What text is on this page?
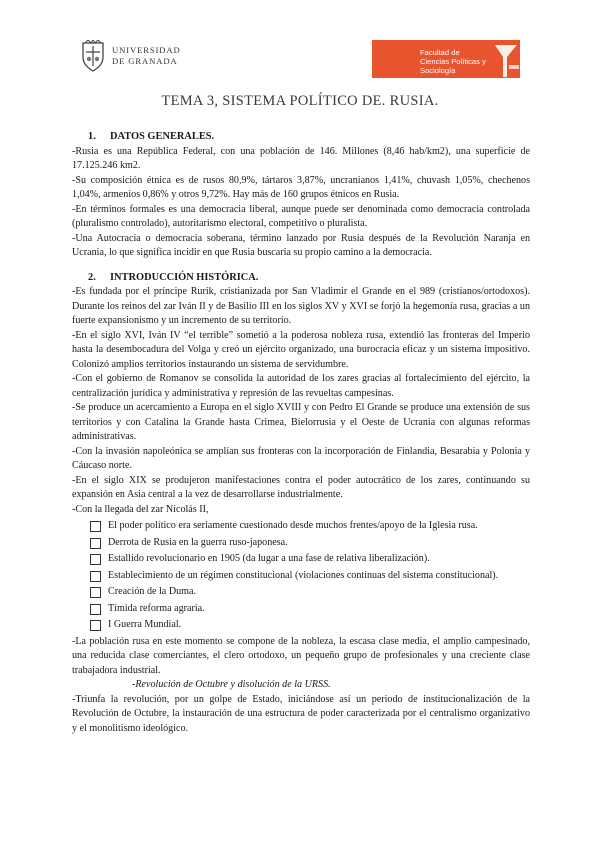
UNIVERSIDAD
DE GRANADA
Facultad de
Ciencias Políticas y Sociología
TEMA 3, SISTEMA POLÍTICO DE. RUSIA.
1. DATOS GENERALES.

-Rusia es una República Federal, con una población de 146. Millones (8,46 hab/km2), una superficie de 17.125.246 km2.

-Su composición étnica es de rusos 80,9%, tártaros 3,87%, uncranianos 1,41%, chuvash 1,05%, chechenos 1,04%, armenios 0,86% y otros 9,72%. Hay más de 160 grupos étnicos en Rusia.

-En términos formales es una democracia liberal, aunque puede ser denominada como democracia controlada (pluralismo controlado), autoritarismo electoral, competitivo o pluralista.

-Una Autocracia o democracia soberana, término lanzado por Rusia después de la Revolución Naranja en Ucrania, lo que significa incidir en que Rusia buscaría su propio camino a la democracia.

2. INTRODUCCIÓN HISTÓRICA.

-Es fundada por el príncipe Rurik, cristianizada por San Vladimir el Grande en el 989 (cristianos/ortodoxos). Durante los reinos del zar Iván II y de Basilio III en los siglos XV y XVI se forjó la hegemonía rusa, gracias a un fuerte expansionismo y un incremento de su territorio.

-En el siglo XVI, Iván IV “el terrible” sometió a la poderosa nobleza rusa, extendió las fronteras del Imperio hasta la desembocadura del Volga y creó un ejército organizado, una burocracia eficaz y un sistema impositivo. Colonizó amplios territorios instaurando un sistema de servidumbre.

-Con el gobierno de Romanov se consolida la autoridad de los zares gracias al fortalecimiento del ejército, la centralización jurídica y administrativa y represión de las revueltas campesinas.

-Se produce un acercamiento a Europa en el siglo XVIII y con Pedro El Grande se produce una extensión de sus territorios y con Catalina la Grande hasta Crimea, Bielorrusia y el Oeste de Ucrania con algunas reformas administrativas.

-Con la invasión napoleónica se amplían sus fronteras con la incorporación de Finlandia, Besarabia y Polonia y Cáucaso norte.

-En el siglo XIX se produjeron manifestaciones contra el poder autocrático de los zares, continuando su expansión en Asia central a la vez de desarrollarse industrialmente.

-Con la llegada del zar Nicolás II,

El poder político era seriamente cuestionado desde muchos frentes/apoyo de la Iglesia rusa.
Derrota de Rusia en la guerra ruso-japonesa.
Estallido revolucionario en 1905 (da lugar a una fase de relativa liberalización).
Establecimiento de un régimen constitucional (violaciones continuas del sistema constitucional).
Creación de la Duma.
Tímida reforma agraria.
I Guerra Mundial.

-La población rusa en este momento se compone de la nobleza, la escasa clase media, el amplio campesinado, una reducida clase comerciantes, el clero ortodoxo, un pequeño grupo de profesionales y una creciente clase trabajadora industrial.

-Revolución de Octubre y disolución de la URSS.

-Triunfa la revolución, por un golpe de Estado, iniciándose así un periodo de institucionalización de la Revolución de Octubre, la instauración de una estructura de poder caracterizada por el centralismo organizativo y el monolitismo ideológico.
